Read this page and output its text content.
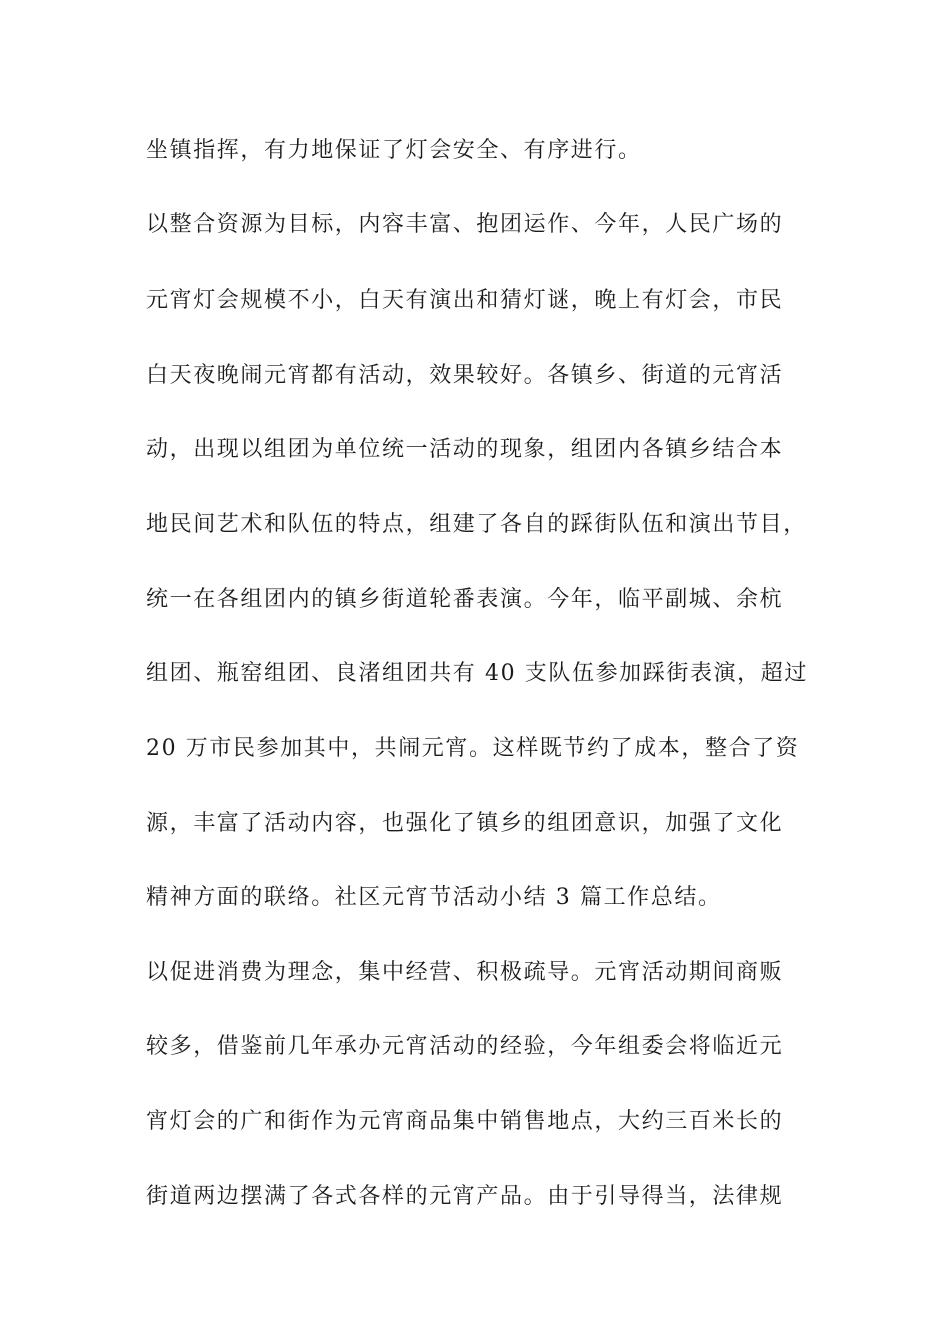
坐镇指挥，有力地保证了灯会安全、有序进行。
以整合资源为目标，内容丰富、抱团运作、今年，人民广场的
元宵灯会规模不小，白天有演出和猜灯谜，晚上有灯会，市民
白天夜晚闹元宵都有活动，效果较好。各镇乡、街道的元宵活
动，出现以组团为单位统一活动的现象，组团内各镇乡结合本
地民间艺术和队伍的特点，组建了各自的踩街队伍和演出节目，
统一在各组团内的镇乡街道轮番表演。今年，临平副城、余杭
组团、瓶窑组团、良渚组团共有 40 支队伍参加踩街表演，超过
20 万市民参加其中，共闹元宵。这样既节约了成本，整合了资
源，丰富了活动内容，也强化了镇乡的组团意识，加强了文化
精神方面的联络。社区元宵节活动小结 3 篇工作总结。
以促进消费为理念，集中经营、积极疏导。元宵活动期间商贩
较多，借鉴前几年承办元宵活动的经验，今年组委会将临近元
宵灯会的广和街作为元宵商品集中销售地点，大约三百米长的
街道两边摆满了各式各样的元宵产品。由于引导得当，法律规
